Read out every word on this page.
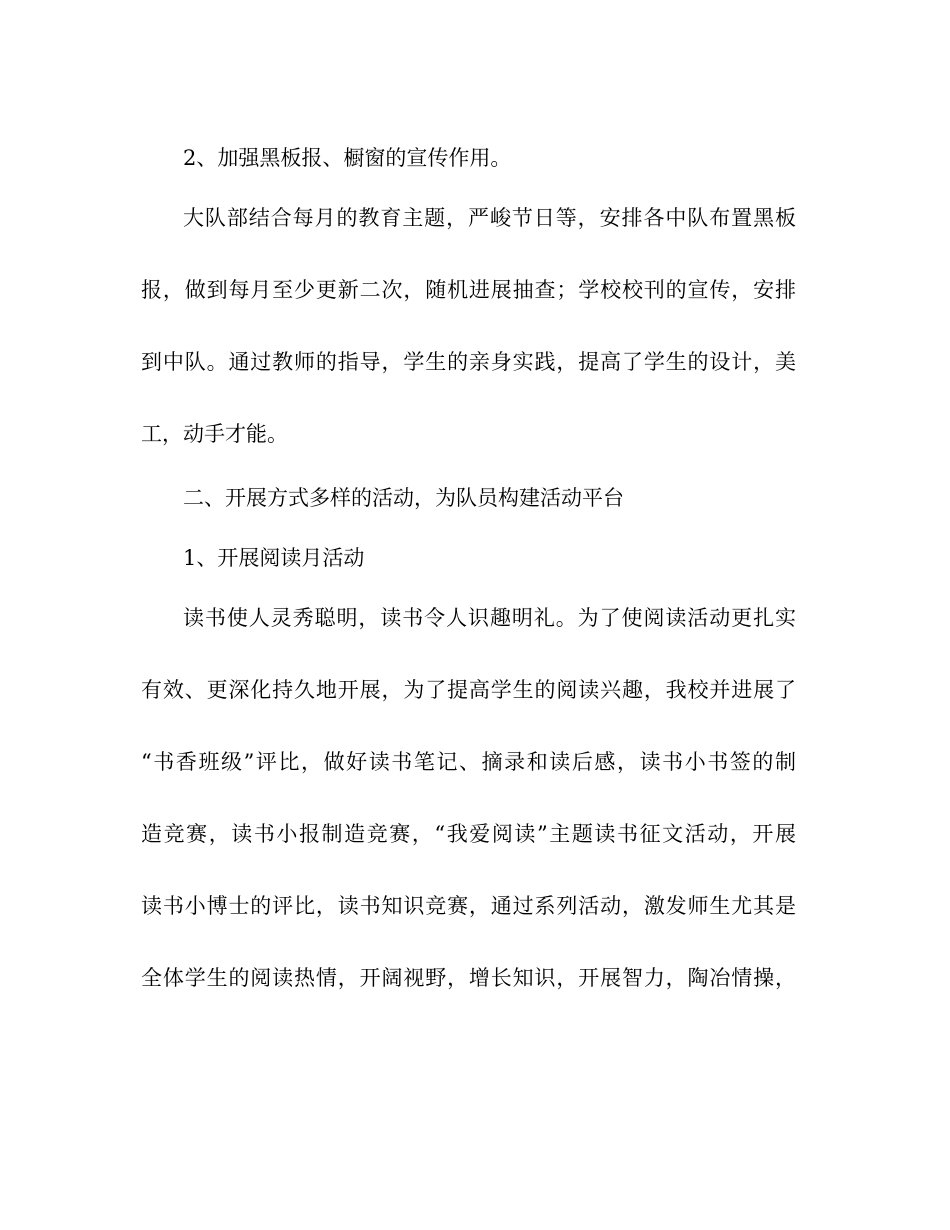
2、加强黑板报、橱窗的宣传作用。
大队部结合每月的教育主题，严峻节日等，安排各中队布置黑板
报，做到每月至少更新二次，随机进展抽查；学校校刊的宣传，安排
到中队。通过教师的指导，学生的亲身实践，提高了学生的设计，美
工，动手才能。
二、开展方式多样的活动，为队员构建活动平台
1、开展阅读月活动
读书使人灵秀聪明，读书令人识趣明礼。为了使阅读活动更扎实
有效、更深化持久地开展，为了提高学生的阅读兴趣，我校并进展了
“书香班级”评比，做好读书笔记、摘录和读后感，读书小书签的制
造竞赛，读书小报制造竞赛，“我爱阅读”主题读书征文活动，开展
读书小博士的评比，读书知识竞赛，通过系列活动，激发师生尤其是
全体学生的阅读热情，开阔视野，增长知识，开展智力，陶冶情操，
